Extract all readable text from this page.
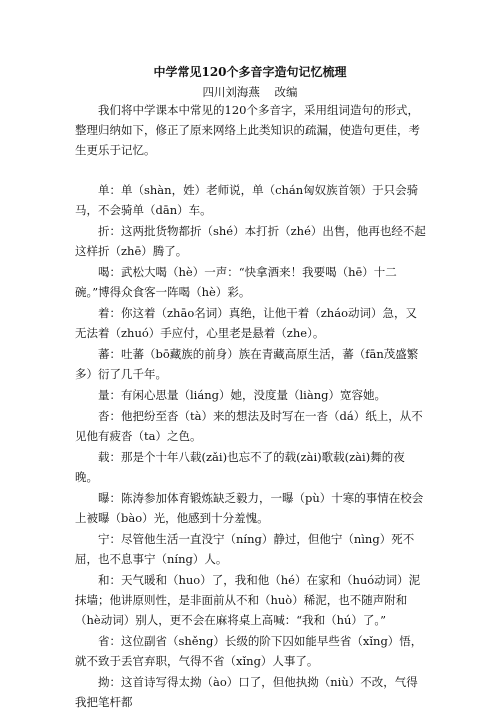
中学常见120个多音字造句记忆梳理
四川刘海燕    改编

我们将中学课本中常见的120个多音字，采用组词造句的形式，整理归纳如下，修正了原来网络上此类知识的疏漏，使造句更佳，考生更乐于记忆。

单：单（shàn，姓）老师说，单（chán匈奴族首领）于只会骑马，不会骑单（dān）车。

折：这两批货物都折（shé）本打折（zhé）出售，他再也经不起这样折（zhē）腾了。

喝：武松大喝（hè）一声：“快拿酒来！我要喝（hē）十二碗。”博得众食客一阵喝（hè）彩。

着：你这着（zhāo名词）真绝，让他干着（zháo动词）急，又无法着（zhuó）手应付，心里老是悬着（zhe）。

蕃：吐蕃（bō藏族的前身）族在青藏高原生活，蕃（fān茂盛繁多）衍了几千年。

量：有闲心思量（liáng）她，没度量（liàng）宽容她。

沓：他把纷至沓（tà）来的想法及时写在一沓（dá）纸上，从不见他有疲沓（ta）之色。

载：那是个十年八载(zǎi)也忘不了的载(zài)歌载(zài)舞的夜晚。

曝：陈涛参加体育锻炼缺乏毅力，一曝（pù）十寒的事情在校会上被曝（bào）光，他感到十分羞愧。

宁：尽管他生活一直没宁（níng）静过，但他宁（nìng）死不屈，也不息事宁（níng）人。

和：天气暖和（huo）了，我和他（hé）在家和（huó动词）泥抹墙；他讲原则性，是非面前从不和（huò）稀泥，也不随声附和（hè动词）别人，更不会在麻将桌上高喊：“我和（hú）了。”

省：这位副省（shěng）长级的阶下囚如能早些省（xǐng）悟，就不致于丢官弃职，气得不省（xǐng）人事了。

拗：这首诗写得太拗（ào）口了，但他执拗（niù）不改，气得我把笔杆都
